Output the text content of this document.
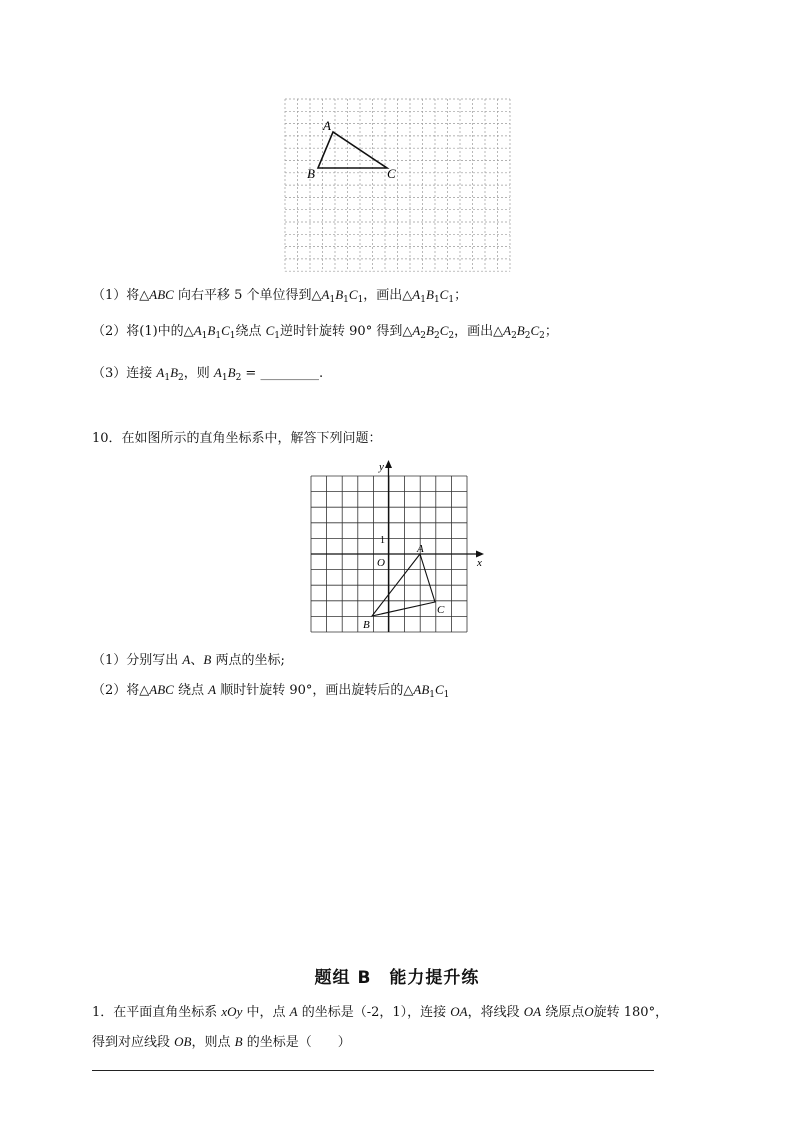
A
B	C
（1）将△ABC 向右平移 5 个单位得到$\triangle A_1B_1C_1$，画出$\triangle A_1B_1C_1$；
（2）将(1)中的$\triangle A_1B_1C_1$绕点 $C_1$逆时针旋转 90° 得到$\triangle A_2B_2C_2$，画出$\triangle A_2B_2C_2$；
（3）连接 $A_1B_2$，则 $A_1B_2$ = _________.
10．在如图所示的直角坐标系中，解答下列问题：
x
y
O
1
A
B
C
（1）分别写出 A、B 两点的坐标;
（2）将△ABC 绕点 A 顺时针旋转 90°，画出旋转后的$\triangle AB_1C_1$
题组 B　能力提升练
1．在平面直角坐标系 xOy 中，点 A 的坐标是（-2，1），连接 OA，将线段 OA 绕原点O旋转 180°，
得到对应线段 OB，则点 B 的坐标是（　　）
